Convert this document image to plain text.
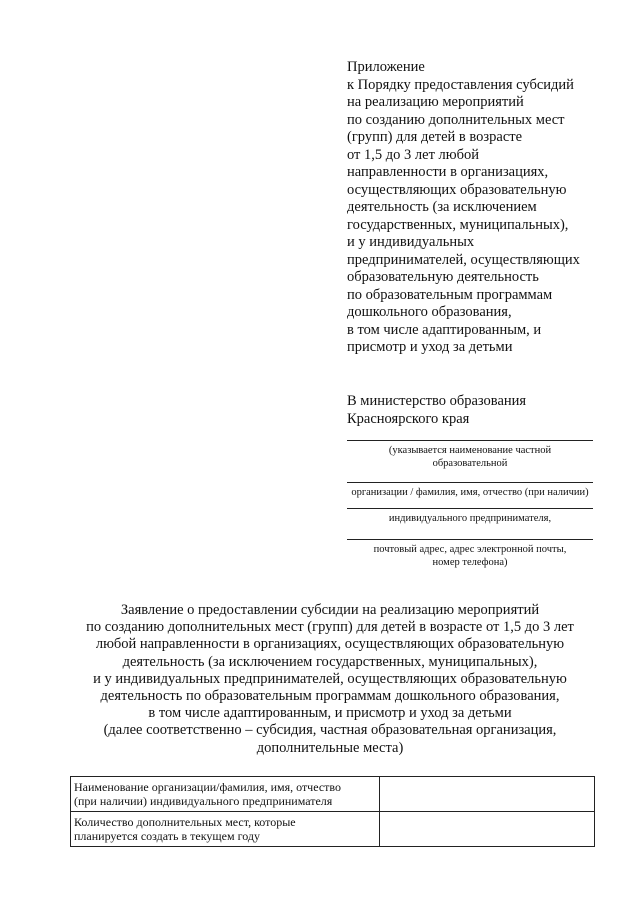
Приложение
к Порядку предоставления субсидий
на реализацию мероприятий
по созданию дополнительных мест
(групп) для детей в возрасте
от 1,5 до 3 лет любой
направленности в организациях,
осуществляющих образовательную
деятельность (за исключением
государственных, муниципальных),
и у индивидуальных
предпринимателей, осуществляющих
образовательную деятельность
по образовательным программам
дошкольного образования,
в том числе адаптированным, и
присмотр и уход за детьми
В министерство образования
Красноярского края
(указывается наименование частной
образовательной
организации / фамилия, имя, отчество (при наличии)
индивидуального предпринимателя,
почтовый адрес, адрес электронной почты,
номер телефона)
Заявление о предоставлении субсидии на реализацию мероприятий
по созданию дополнительных мест (групп) для детей в возрасте от 1,5 до 3 лет
любой направленности в организациях, осуществляющих образовательную
деятельность (за исключением государственных, муниципальных),
и у индивидуальных предпринимателей, осуществляющих образовательную
деятельность по образовательным программам дошкольного образования,
в том числе адаптированным, и присмотр и уход за детьми
(далее соответственно – субсидия, частная образовательная организация,
дополнительные места)
Наименование организации/фамилия, имя, отчество
(при наличии) индивидуального предпринимателя	

Количество дополнительных мест, которые
планируется создать в текущем году	
